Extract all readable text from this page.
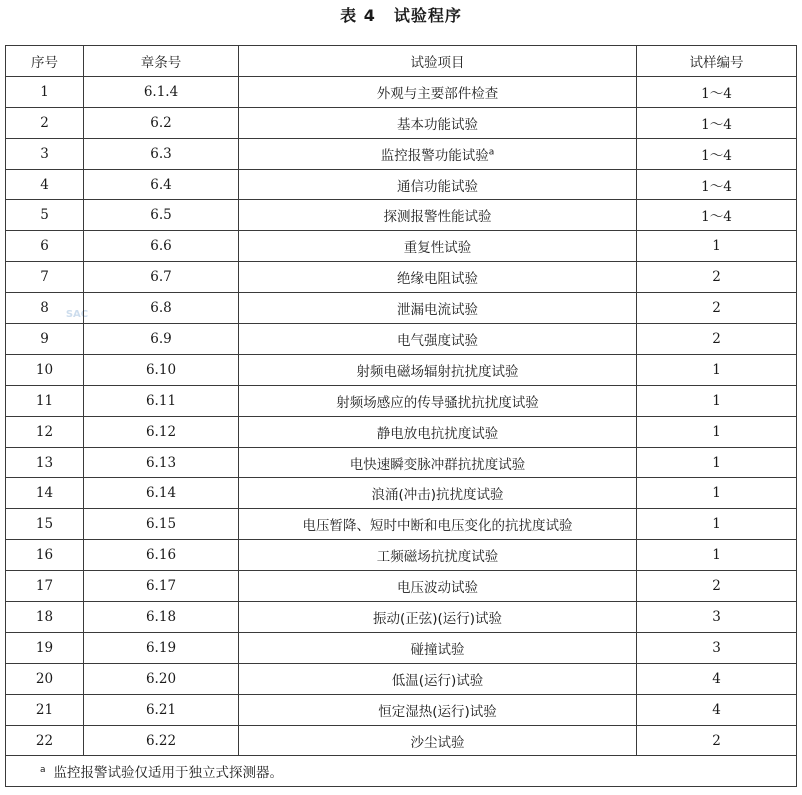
表 4 试验程序
SAC
序号	章条号	试验项目	试样编号
1	6.1.4	外观与主要部件检查	1～4
2	6.2	基本功能试验	1～4
3	6.3	监控报警功能试验$^a$	1～4
4	6.4	通信功能试验	1～4
5	6.5	探测报警性能试验	1～4
6	6.6	重复性试验	1
7	6.7	绝缘电阻试验	2
8	6.8	泄漏电流试验	2
9	6.9	电气强度试验	2
10	6.10	射频电磁场辐射抗扰度试验	1
11	6.11	射频场感应的传导骚扰抗扰度试验	1
12	6.12	静电放电抗扰度试验	1
13	6.13	电快速瞬变脉冲群抗扰度试验	1
14	6.14	浪涌(冲击)抗扰度试验	1
15	6.15	电压暂降、短时中断和电压变化的抗扰度试验	1
16	6.16	工频磁场抗扰度试验	1
17	6.17	电压波动试验	2
18	6.18	振动(正弦)(运行)试验	3
19	6.19	碰撞试验	3
20	6.20	低温(运行)试验	4
21	6.21	恒定湿热(运行)试验	4
22	6.22	沙尘试验	2
$^a$ 监控报警试验仅适用于独立式探测器。			
